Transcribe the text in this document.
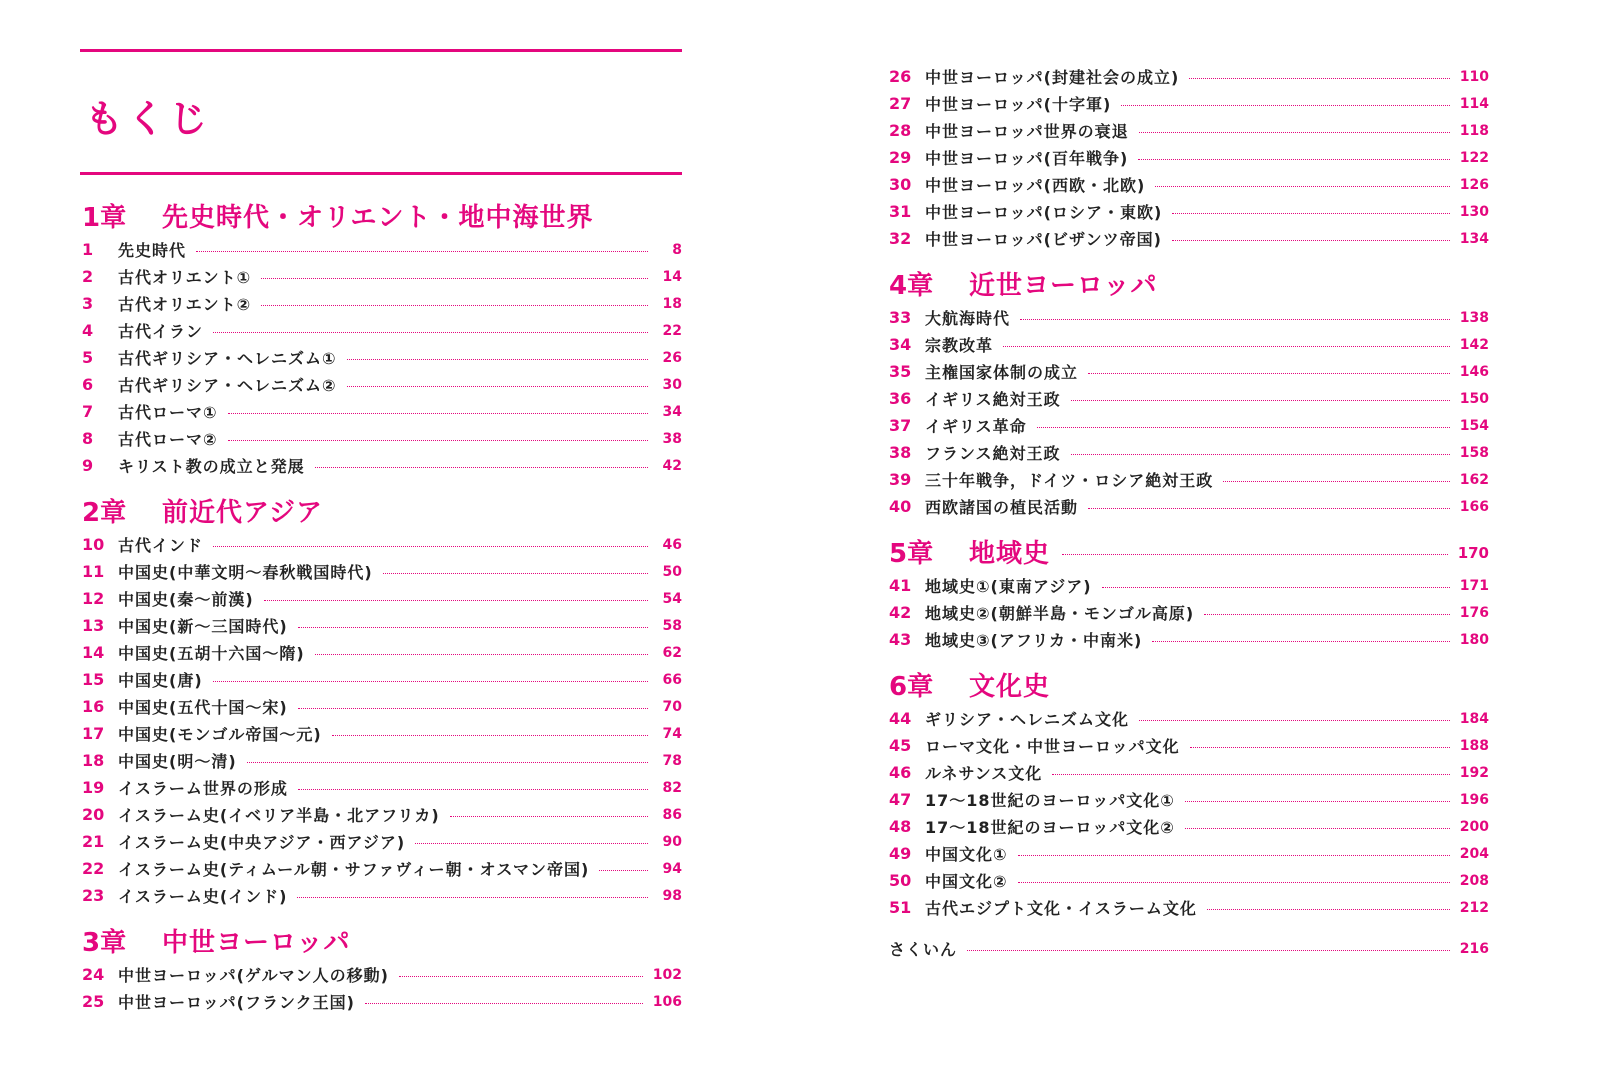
もくじ
1章	先史時代・オリエント・地中海世界
1	先史時代	8
2	古代オリエント①	14
3	古代オリエント②	18
4	古代イラン	22
5	古代ギリシア・ヘレニズム①	26
6	古代ギリシア・ヘレニズム②	30
7	古代ローマ①	34
8	古代ローマ②	38
9	キリスト教の成立と発展	42
2章	前近代アジア
10 古代インド	46
11 中国史(中華文明～春秋戦国時代)	50
12 中国史(秦～前漢)	54
13 中国史(新～三国時代)	58
14 中国史(五胡十六国～隋)	62
15 中国史(唐)	66
16 中国史(五代十国～宋)	70
17 中国史(モンゴル帝国～元)	74
18 中国史(明～清)	78
19 イスラーム世界の形成	82
20 イスラーム史(イベリア半島・北アフリカ)	86
21 イスラーム史(中央アジア・西アジア)	90
22 イスラーム史(ティムール朝・サファヴィー朝・オスマン帝国)	94
23 イスラーム史(インド)	98
3章	中世ヨーロッパ
24 中世ヨーロッパ(ゲルマン人の移動)	102
25 中世ヨーロッパ(フランク王国)	106
26 中世ヨーロッパ(封建社会の成立)	110
27 中世ヨーロッパ(十字軍)	114
28 中世ヨーロッパ世界の衰退	118
29 中世ヨーロッパ(百年戦争)	122
30 中世ヨーロッパ(西欧・北欧)	126
31 中世ヨーロッパ(ロシア・東欧)	130
32 中世ヨーロッパ(ビザンツ帝国)	134
4章	近世ヨーロッパ
33 大航海時代	138
34 宗教改革	142
35 主権国家体制の成立	146
36 イギリス絶対王政	150
37 イギリス革命	154
38 フランス絶対王政	158
39 三十年戦争，ドイツ・ロシア絶対王政	162
40 西欧諸国の植民活動	166
5章	地域史	170
41 地域史①(東南アジア)	171
42 地域史②(朝鮮半島・モンゴル高原)	176
43 地域史③(アフリカ・中南米)	180
6章	文化史
44 ギリシア・ヘレニズム文化	184
45 ローマ文化・中世ヨーロッパ文化	188
46 ルネサンス文化	192
47 17～18世紀のヨーロッパ文化①	196
48 17～18世紀のヨーロッパ文化②	200
49 中国文化①	204
50 中国文化②	208
51 古代エジプト文化・イスラーム文化	212
さくいん	216
